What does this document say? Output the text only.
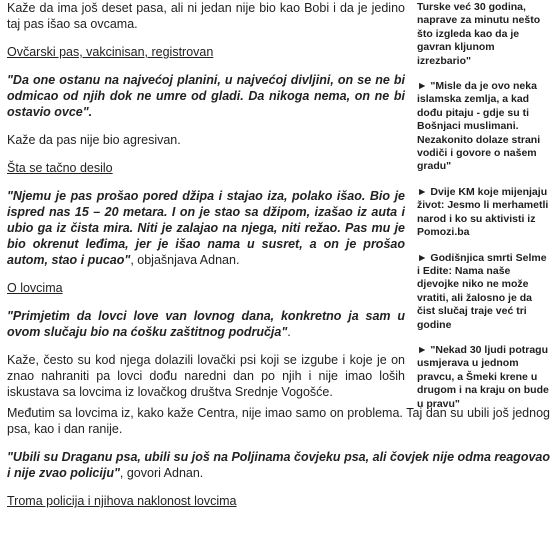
Kaže da ima još deset pasa, ali ni jedan nije bio kao Bobi i da je jedino taj pas išao sa ovcama.

Ovčarski pas, vakcinisan, registrovan

"Da one ostanu na najvećoj planini, u najvećoj divljini, on se ne bi odmicao od njih dok ne umre od gladi. Da nikoga nema, on ne bi ostavio ovce".

Kaže da pas nije bio agresivan.

Šta se tačno desilo

"Njemu je pas prošao pored džipa i stajao iza, polako išao. Bio je ispred nas 15 – 20 metara. I on je stao sa džipom, izašao iz auta i ubio ga iz čista mira. Niti je zalajao na njega, niti režao. Pas mu je bio okrenut leđima, jer je išao nama u susret, a on je prošao autom, stao i pucao", objašnjava Adnan.

O lovcima

"Primjetim da lovci love van lovnog dana, konkretno ja sam u ovom slučaju bio na ćošku zaštitnog područja".

Kaže, često su kod njega dolazili lovački psi koji se izgube i koje je on znao nahraniti pa lovci dođu naredni dan po njih i nije imao loših iskustava sa lovcima iz lovačkog društva Srednje Vogošće.

Turske već 30 godina, naprave za minutu nešto što izgleda kao da je gavran kljunom izrezbario"
► "Misle da je ovo neka islamska zemlja, a kad dođu pitaju - gdje su ti Bošnjaci muslimani. Nezakonito dolaze strani vodiči i govore o našem gradu"
► Dvije KM koje mijenjaju život: Jesmo li merhametli narod i ko su aktivisti iz Pomozi.ba
► Godišnjica smrti Selme i Edite: Nama naše djevojke niko ne može vratiti, ali žalosno je da čist slučaj traje već tri godine
► "Nekad 30 ljudi potragu usmjerava u jednom pravcu, a Šmeki krene u drugom i na kraju on bude u pravu"

Međutim sa lovcima iz, kako kaže Centra, nije imao samo on problema. Taj dan su ubili još jednog psa, kao i dan ranije.

"Ubili su Draganu psa, ubili su još na Poljinama čovjeku psa, ali čovjek nije odma reagovao i nije zvao policiju", govori Adnan.

Troma policija i njihova naklonost lovcima
